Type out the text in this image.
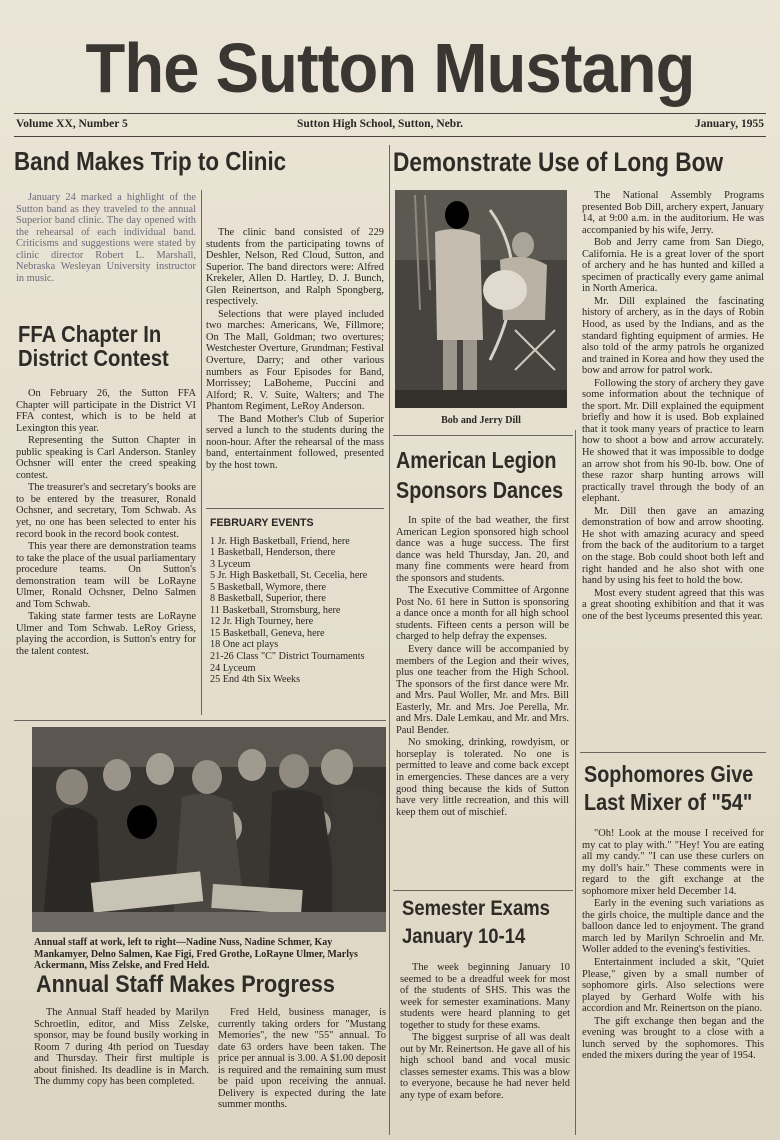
The Sutton Mustang
Volume XX, Number 5	Sutton High School, Sutton, Nebr.	January, 1955
Band Makes Trip to Clinic

January 24 marked a highlight of the Sutton band as they traveled to the annual Superior band clinic. The day opened with the rehearsal of each individual band. Criticisms and suggestions were stated by clinic director Robert L. Marshall, Nebraska Wesleyan University instructor in music.

The clinic band consisted of 229 students from the participating towns of Deshler, Nelson, Red Cloud, Sutton, and Superior. The band directors were: Alfred Krekeler, Allen D. Hartley, D. J. Bunch, Glen Reinertson, and Ralph Spongberg, respectively.

Selections that were played included two marches: Americans, We, Fillmore; On The Mall, Goldman; two overtures; Westchester Overture, Grundman; Festival Overture, Darry; and other various numbers as Four Episodes for Band, Morrissey; LaBoheme, Puccini and Alford; R. V. Suite, Walters; and The Phantom Regiment, LeRoy Anderson.

The Band Mother's Club of Superior served a lunch to the students during the noon-hour. After the rehearsal of the mass band, entertainment followed, presented by the host town.

FFA Chapter In
District Contest

On February 26, the Sutton FFA Chapter will participate in the District VI FFA contest, which is to be held at Lexington this year.

Representing the Sutton Chapter in public speaking is Carl Anderson. Stanley Ochsner will enter the creed speaking contest.

The treasurer's and secretary's books are to be entered by the treasurer, Ronald Ochsner, and secretary, Tom Schwab. As yet, no one has been selected to enter his record book in the record book contest.

This year there are demonstration teams to take the place of the usual parliamentary procedure teams. On Sutton's demonstration team will be LoRayne Ulmer, Ronald Ochsner, Delno Salmen and Tom Schwab.

Taking state farmer tests are LoRayne Ulmer and Tom Schwab. LeRoy Griess, playing the accordion, is Sutton's entry for the talent contest.

FEBRUARY EVENTS
1 Jr. High Basketball, Friend, here
1 Basketball, Henderson, there
3 Lyceum
5 Jr. High Basketball, St. Cecelia, here
5 Basketball, Wymore, there
8 Basketball, Superior, there
11 Basketball, Stromsburg, here
12 Jr. High Tourney, here
15 Basketball, Geneva, here
18 One act plays
21-26 Class "C" District Tournaments
24 Lyceum
25 End 4th Six Weeks
Annual staff at work, left to right—Nadine Nuss, Nadine Schmer, Kay Mankamyer, Delno Salmen, Kae Figi, Fred Grothe, LoRayne Ulmer, Marlys Ackermann, Miss Zelske, and Fred Held.
Annual Staff Makes Progress

The Annual Staff headed by Marilyn Schroetlin, editor, and Miss Zelske, sponsor, may be found busily working in Room 7 during 4th period on Tuesday and Thursday. Their first multiple is about finished. Its deadline is in March. The dummy copy has been completed.

Fred Held, business manager, is currently taking orders for "Mustang Memories", the new "55" annual. To date 63 orders have been taken. The price per annual is 3.00. A $1.00 deposit is required and the remaining sum must be paid upon receiving the annual. Delivery is expected during the late summer months.

Demonstrate Use of Long Bow
Bob and Jerry Dill

The National Assembly Programs presented Bob Dill, archery expert, January 14, at 9:00 a.m. in the auditorium. He was accompanied by his wife, Jerry.

Bob and Jerry came from San Diego, California. He is a great lover of the sport of archery and he has hunted and killed a specimen of practically every game animal in North America.

Mr. Dill explained the fascinating history of archery, as in the days of Robin Hood, as used by the Indians, and as the standard fighting equipment of armies. He also told of the army patrols he organized and trained in Korea and how they used the bow and arrow for patrol work.

Following the story of archery they gave some information about the technique of the sport. Mr. Dill explained the equipment briefly and how it is used. Bob explained that it took many years of practice to learn how to shoot a bow and arrow accurately. He showed that it was impossible to dodge an arrow shot from his 90-lb. bow. One of these razor sharp hunting arrows will practically travel through the body of an elephant.

Mr. Dill then gave an amazing demonstration of bow and arrow shooting. He shot with amazing acuracy and speed from the back of the auditorium to a target on the stage. Bob could shoot both left and right handed and he also shot with one hand by using his feet to hold the bow.

Most every student agreed that this was a great shooting exhibition and that it was one of the best lyceums presented this year.

American Legion
Sponsors Dances

In spite of the bad weather, the first American Legion sponsored high school dance was a huge success. The first dance was held Thursday, Jan. 20, and many fine comments were heard from the sponsors and students.

The Executive Committee of Argonne Post No. 61 here in Sutton is sponsoring a dance once a month for all high school students. Fifteen cents a person will be charged to help defray the expenses.

Every dance will be accompanied by members of the Legion and their wives, plus one teacher from the High School. The sponsors of the first dance were Mr. and Mrs. Paul Woller, Mr. and Mrs. Bill Easterly, Mr. and Mrs. Joe Perella, Mr. and Mrs. Dale Lemkau, and Mr. and Mrs. Paul Bender.

No smoking, drinking, rowdyism, or horseplay is tolerated. No one is permitted to leave and come back except in emergencies. These dances are a very good thing because the kids of Sutton have very little recreation, and this will keep them out of mischief.

Semester Exams
January 10-14

The week beginning January 10 seemed to be a dreadful week for most of the students of SHS. This was the week for semester examinations. Many students were heard planning to get together to study for these exams.

The biggest surprise of all was dealt out by Mr. Reinertson. He gave all of his high school band and vocal music classes semester exams. This was a blow to everyone, because he had never held any type of exam before.

Sophomores Give
Last Mixer of "54"

"Oh! Look at the mouse I received for my cat to play with." "Hey! You are eating all my candy." "I can use these curlers on my doll's hair." These comments were in regard to the gift exchange at the sophomore mixer held December 14.

Early in the evening such variations as the girls choice, the multiple dance and the balloon dance led to enjoyment. The grand march led by Marilyn Schroelin and Mr. Woller added to the evening's festivities.

Entertainment included a skit, "Quiet Please," given by a small number of sophomore girls. Also selections were played by Gerhard Wolfe with his accordion and Mr. Reinertson on the piano.

The gift exchange then began and the evening was brought to a close with a lunch served by the sophomores. This ended the mixers during the year of 1954.
